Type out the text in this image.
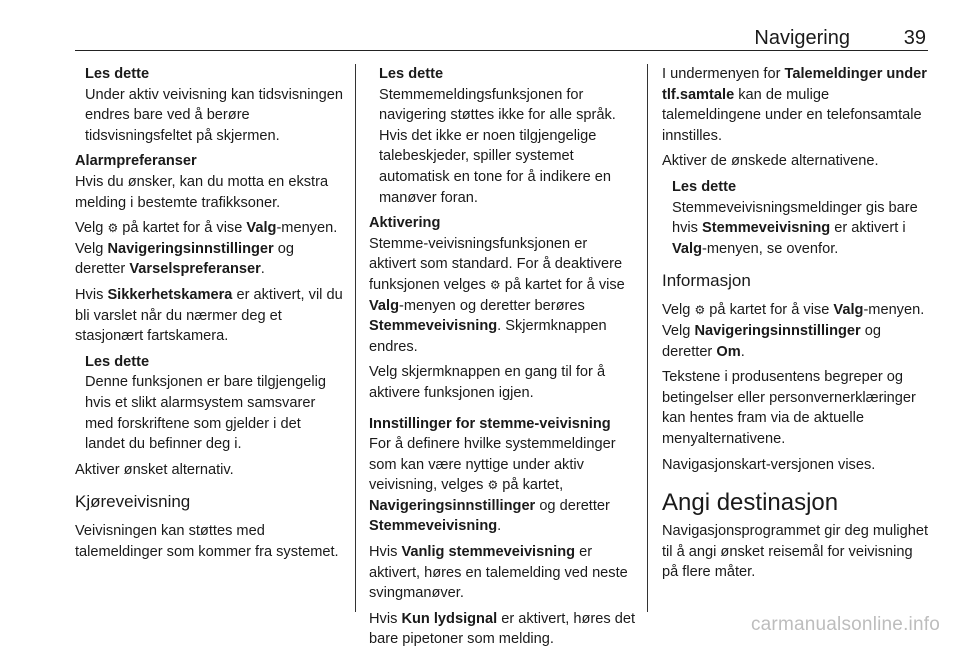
Navigering	39
Les dette
Under aktiv veivisning kan tidsvisningen endres bare ved å berøre tidsvisningsfeltet på skjermen.

Alarmpreferanser

Hvis du ønsker, kan du motta en ekstra melding i bestemte trafikksoner.

Velg ⚙ på kartet for å vise Valg-menyen. Velg Navigeringsinnstillinger og deretter Varselspreferanser.

Hvis Sikkerhetskamera er aktivert, vil du bli varslet når du nærmer deg et stasjonært fartskamera.

Les dette
Denne funksjonen er bare tilgjengelig hvis et slikt alarmsystem samsvarer med forskriftene som gjelder i det landet du befinner deg i.

Aktiver ønsket alternativ.

Kjøreveivisning

Veivisningen kan støttes med talemeldinger som kommer fra systemet.

Les dette
Stemmemeldingsfunksjonen for navigering støttes ikke for alle språk. Hvis det ikke er noen tilgjengelige talebeskjeder, spiller systemet automatisk en tone for å indikere en manøver foran.

Aktivering

Stemme-veivisningsfunksjonen er aktivert som standard. For å deaktivere funksjonen velges ⚙ på kartet for å vise Valg-menyen og deretter berøres Stemmeveivisning. Skjermknappen endres.

Velg skjermknappen en gang til for å aktivere funksjonen igjen.

Innstillinger for stemme-veivisning

For å definere hvilke systemmeldinger som kan være nyttige under aktiv veivisning, velges ⚙ på kartet, Navigeringsinnstillinger og deretter Stemmeveivisning.

Hvis Vanlig stemmeveivisning er aktivert, høres en talemelding ved neste svingmanøver.

Hvis Kun lydsignal er aktivert, høres det bare pipetoner som melding.

I undermenyen for Talemeldinger under tlf.samtale kan de mulige talemeldingene under en telefonsamtale innstilles.

Aktiver de ønskede alternativene.

Les dette
Stemmeveivisningsmeldinger gis bare hvis Stemmeveivisning er aktivert i Valg-menyen, se ovenfor.
Informasjon

Velg ⚙ på kartet for å vise Valg-menyen. Velg Navigeringsinnstillinger og deretter Om.

Tekstene i produsentens begreper og betingelser eller personvernerklæringer kan hentes fram via de aktuelle menyalternativene.

Navigasjonskart-versjonen vises.

Angi destinasjon

Navigasjonsprogrammet gir deg mulighet til å angi ønsket reisemål for veivisning på flere måter.

carmanualsonline.info
